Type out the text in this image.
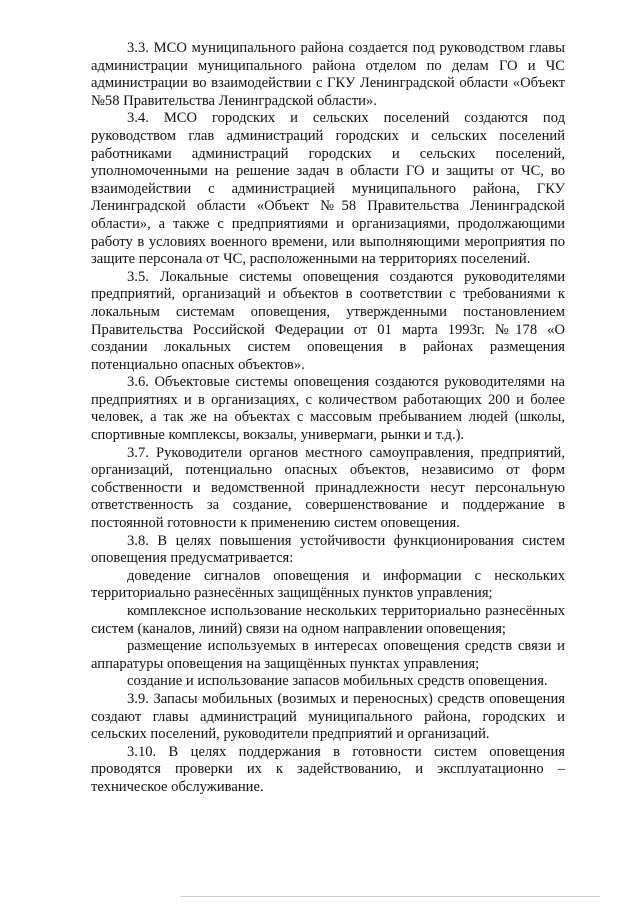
3.3. МСО муниципального района создается под руководством главы администрации муниципального района отделом по делам ГО и ЧС администрации во взаимодействии с ГКУ Ленинградской области «Объект №58 Правительства Ленинградской области».

3.4. МСО городских и сельских поселений создаются под руководством глав администраций городских и сельских поселений работниками администраций городских и сельских поселений, уполномоченными на решение задач в области ГО и защиты от ЧС, во взаимодействии с администрацией муниципального района, ГКУ Ленинградской области «Объект №58 Правительства Ленинградской области», а также с предприятиями и организациями, продолжающими работу в условиях военного времени, или выполняющими мероприятия по защите персонала от ЧС, расположенными на территориях поселений.

3.5. Локальные системы оповещения создаются руководителями предприятий, организаций и объектов в соответствии с требованиями к локальным системам оповещения, утвержденными постановлением Правительства Российской Федерации от 01 марта 1993г. №178 «О создании локальных систем оповещения в районах размещения потенциально опасных объектов».

3.6. Объектовые системы оповещения создаются руководителями на предприятиях и в организациях, с количеством работающих 200 и более человек, а так же на объектах с массовым пребыванием людей (школы, спортивные комплексы, вокзалы, универмаги, рынки и т.д.).

3.7. Руководители органов местного самоуправления, предприятий, организаций, потенциально опасных объектов, независимо от форм собственности и ведомственной принадлежности несут персональную ответственность за создание, совершенствование и поддержание в постоянной готовности к применению систем оповещения.

3.8. В целях повышения устойчивости функционирования систем оповещения предусматривается:

доведение сигналов оповещения и информации с нескольких территориально разнесённых защищённых пунктов управления;

комплексное использование нескольких территориально разнесённых систем (каналов, линий) связи на одном направлении оповещения;

размещение используемых в интересах оповещения средств связи и аппаратуры оповещения на защищённых пунктах управления;

создание и использование запасов мобильных средств оповещения.

3.9. Запасы мобильных (возимых и переносных) средств оповещения создают главы администраций муниципального района, городских и сельских поселений, руководители предприятий и организаций.

3.10. В целях поддержания в готовности систем оповещения проводятся проверки их к задействованию, и эксплуатационно – техническое обслуживание.
